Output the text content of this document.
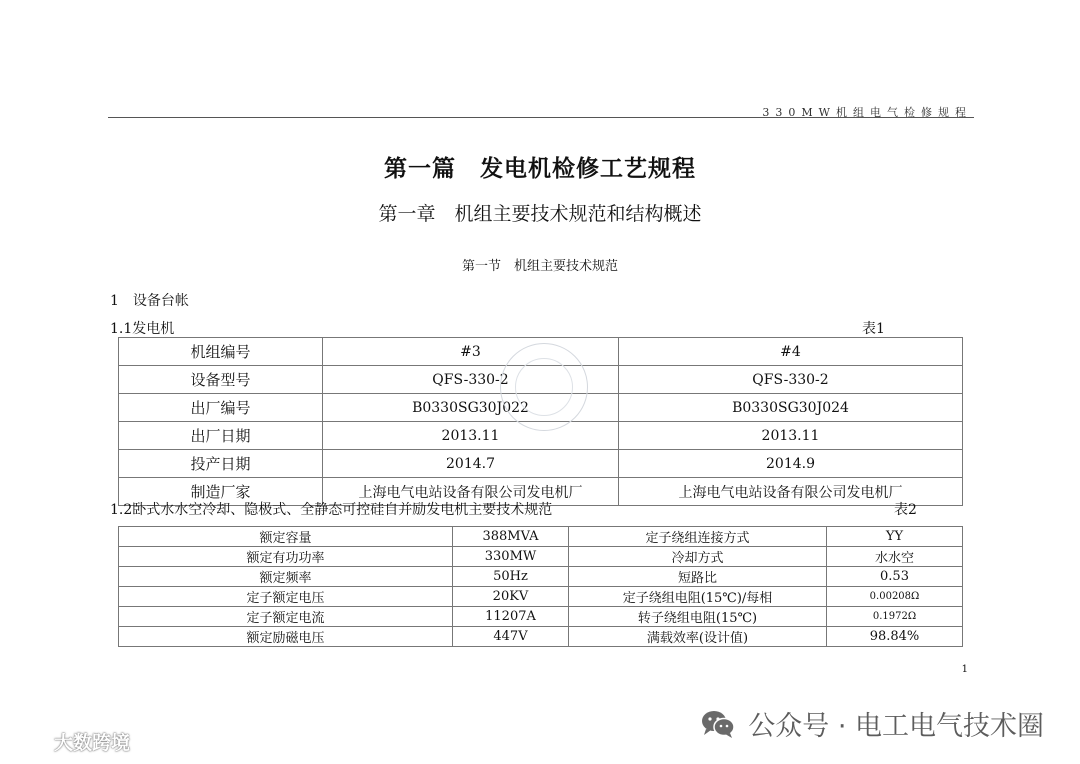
330MW机组电气检修规程
第一篇　发电机检修工艺规程
第一章　机组主要技术规范和结构概述
第一节　机组主要技术规范
1　设备台帐
1.1发电机	表1
机组编号	#3	#4
设备型号	QFS-330-2	QFS-330-2
出厂编号	B0330SG30J022	B0330SG30J024
出厂日期	2013.11	2013.11
投产日期	2014.7	2014.9
制造厂家	上海电气电站设备有限公司发电机厂	上海电气电站设备有限公司发电机厂
1.2卧式水水空冷却、隐极式、全静态可控硅自并励发电机主要技术规范	表2
额定容量	388MVA	定子绕组连接方式	YY
额定有功功率	330MW	冷却方式	水水空
额定频率	50Hz	短路比	0.53
定子额定电压	20KV	定子绕组电阻(15℃)/每相	0.00208Ω
定子额定电流	11207A	转子绕组电阻(15℃)	0.1972Ω
额定励磁电压	447V	满载效率(设计值)	98.84%
1
公众号 · 电工电气技术圈
大数跨境
